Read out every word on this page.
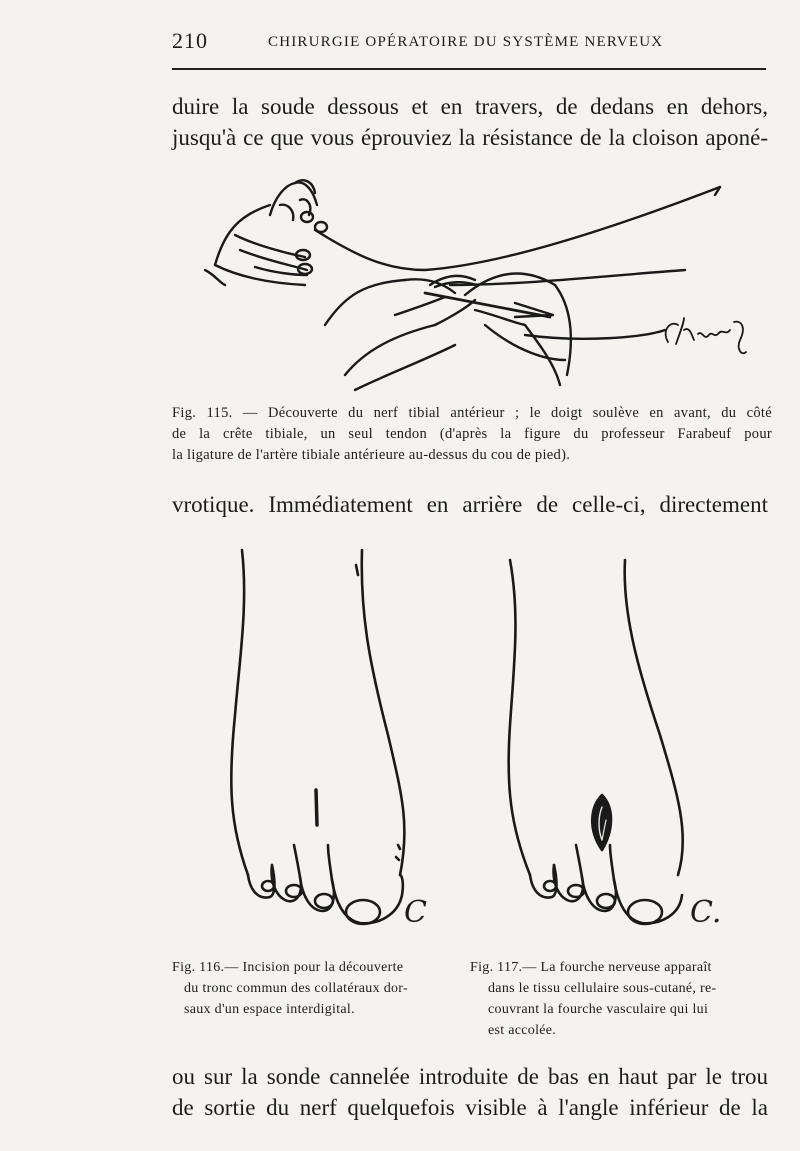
210	CHIRURGIE OPÉRATOIRE DU SYSTÈME NERVEUX
duire la soude dessous et en travers, de dedans en dehors,
jusqu'à ce que vous éprouviez la résistance de la cloison aponé-
Fig. 115. — Découverte du nerf tibial antérieur ; le doigt soulève en avant, du côté
de la crête tibiale, un seul tendon (d'après la figure du professeur Farabeuf pour
la ligature de l'artère tibiale antérieure au-dessus du cou de pied).
vrotique. Immédiatement en arrière de celle-ci, directement
C	C.
Fig. 116.— Incision pour la découverte
du tronc commun des collatéraux dor-
saux d'un espace interdigital.
Fig. 117.— La fourche nerveuse apparaît
dans le tissu cellulaire sous-cutané, re-
couvrant la fourche vasculaire qui lui
est accolée.
ou sur la sonde cannelée introduite de bas en haut par le trou
de sortie du nerf quelquefois visible à l'angle inférieur de la
